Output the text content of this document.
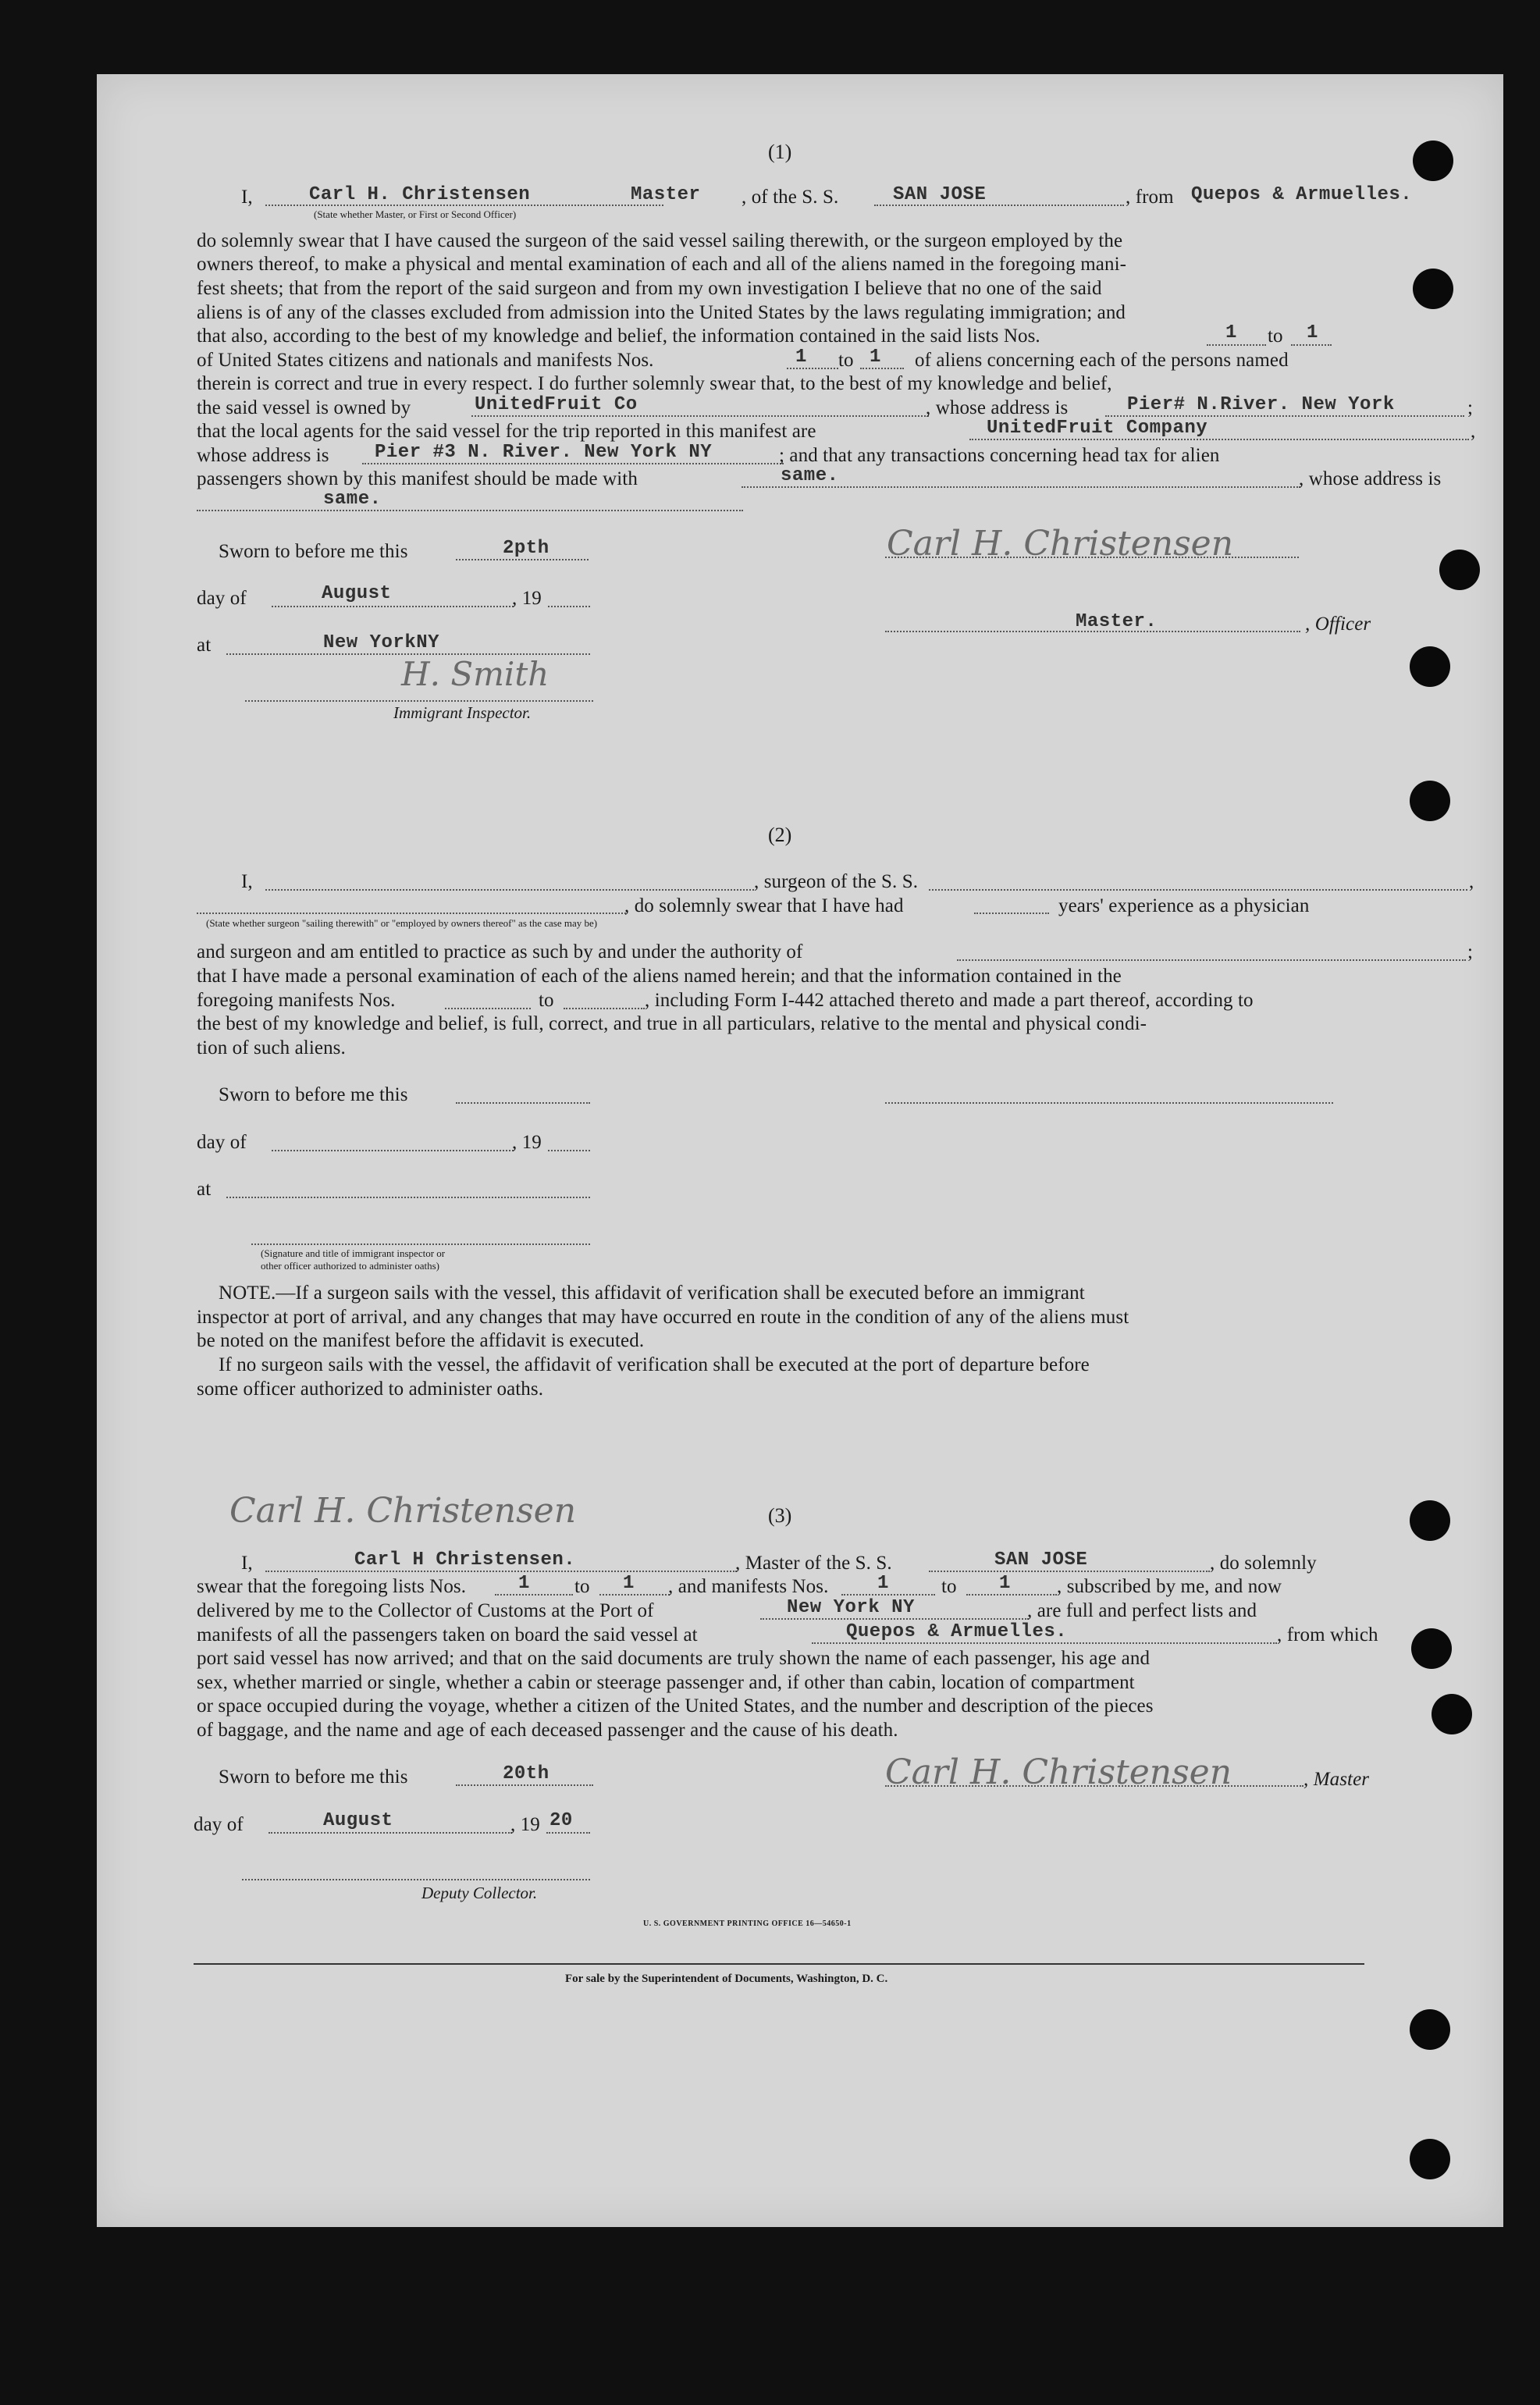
(1)
I,	Carl H. Christensen	Master , of the S. S.	SAN JOSE	, from Quepos & Armuelles.
(State whether Master, or First or Second Officer)
do solemnly swear that I have caused the surgeon of the said vessel sailing therewith, or the surgeon employed by the
owners thereof, to make a physical and mental examination of each and all of the aliens named in the foregoing mani-
fest sheets; that from the report of the said surgeon and from my own investigation I believe that no one of the said
aliens is of any of the classes excluded from admission into the United States by the laws regulating immigration; and
that also, according to the best of my knowledge and belief, the information contained in the said lists Nos.	1 to 1
of United States citizens and nationals and manifests Nos.	1 to 1 of aliens concerning each of the persons named
therein is correct and true in every respect. I do further solemnly swear that, to the best of my knowledge and belief,
the said vessel is owned by	UnitedFruit Co	, whose address is	Pier# N.River. New York	;
that the local agents for the said vessel for the trip reported in this manifest are	UnitedFruit Company	,
whose address is Pier #3 N. River. New York NY	; and that any transactions concerning head tax for alien
passengers shown by this manifest should be made with	same.	, whose address is
same.
Sworn to before me this	2pth
day of	August	, 19
at	New YorkNY
H. Smith
Immigrant Inspector.
Carl H. Christensen
Master.	, Officer
(2)
I,	, surgeon of the S. S.	,
, do solemnly swear that I have had	years' experience as a physician
(State whether surgeon "sailing therewith" or "employed by owners thereof" as the case may be)
and surgeon and am entitled to practice as such by and under the authority of	;
that I have made a personal examination of each of the aliens named herein; and that the information contained in the
foregoing manifests Nos.	to	, including Form I-442 attached thereto and made a part thereof, according to
the best of my knowledge and belief, is full, correct, and true in all particulars, relative to the mental and physical condi-
tion of such aliens.
Sworn to before me this
day of	, 19
at
(Signature and title of immigrant inspector or
other officer authorized to administer oaths)
NOTE.—If a surgeon sails with the vessel, this affidavit of verification shall be executed before an immigrant
inspector at port of arrival, and any changes that may have occurred en route in the condition of any of the aliens must
be noted on the manifest before the affidavit is executed.
If no surgeon sails with the vessel, the affidavit of verification shall be executed at the port of departure before
some officer authorized to administer oaths.
Carl H. Christensen	(3)
I,	Carl H Christensen.	, Master of the S. S.	SAN JOSE	, do solemnly
swear that the foregoing lists Nos.	1 to 1 , and manifests Nos.	1	to 1 , subscribed by me, and now
delivered by me to the Collector of Customs at the Port of	New York NY	, are full and perfect lists and
manifests of all the passengers taken on board the said vessel at	Quepos & Armuelles.	, from which
port said vessel has now arrived; and that on the said documents are truly shown the name of each passenger, his age and
sex, whether married or single, whether a cabin or steerage passenger and, if other than cabin, location of compartment
or space occupied during the voyage, whether a citizen of the United States, and the number and description of the pieces
of baggage, and the name and age of each deceased passenger and the cause of his death.
Sworn to before me this	20th	Carl H. Christensen	, Master
day of	August	, 19 20
Deputy Collector.
U. S. GOVERNMENT PRINTING OFFICE 16—54650-1
For sale by the Superintendent of Documents, Washington, D. C.
